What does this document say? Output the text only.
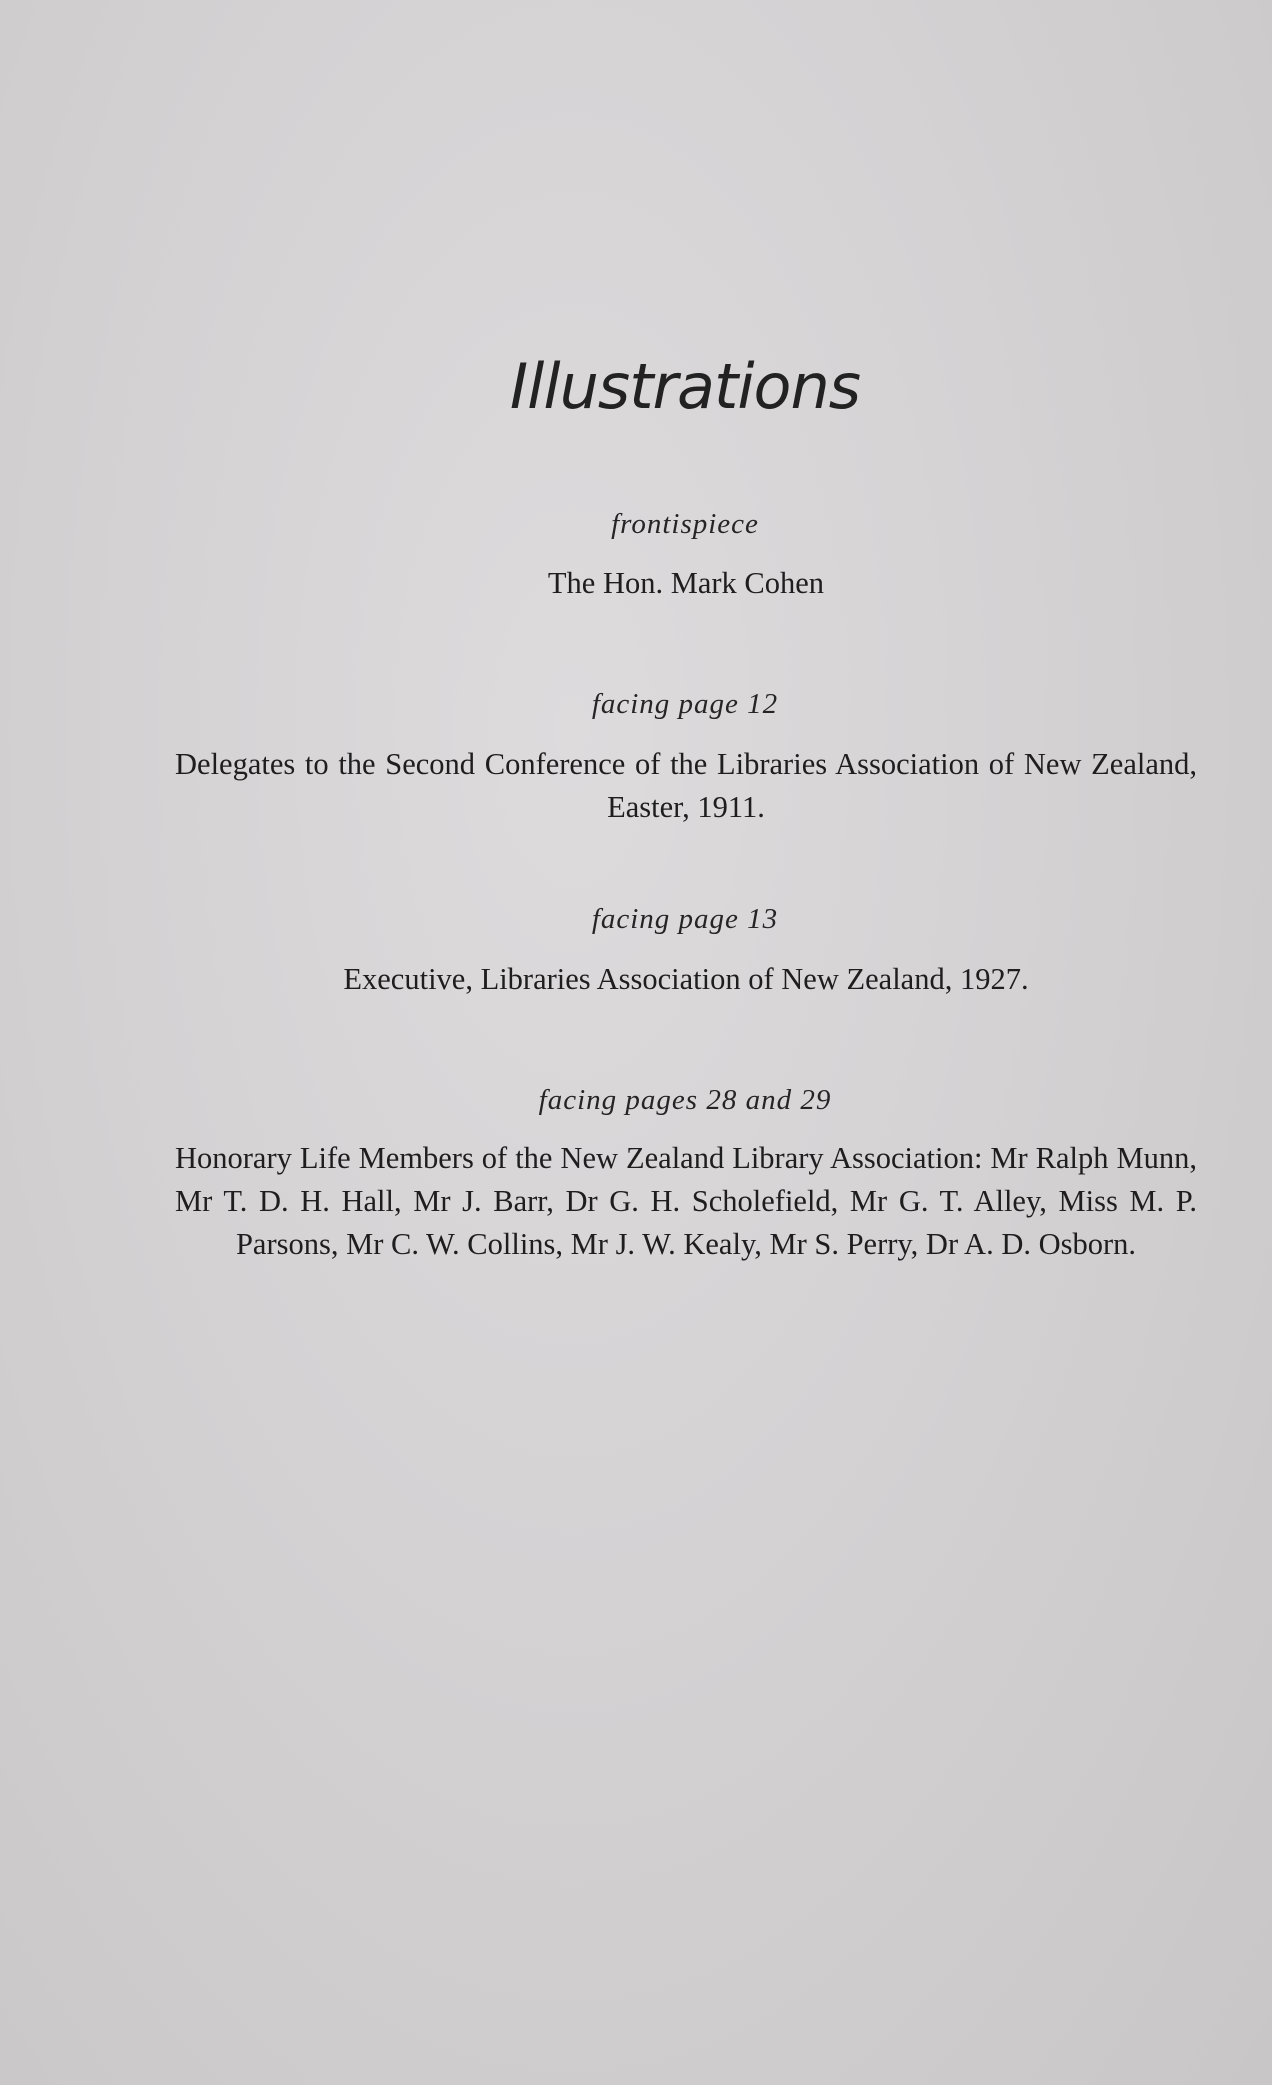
Illustrations
frontispiece
The Hon. Mark Cohen
facing page 12
Delegates to the Second Conference of the Libraries Association of New Zealand, Easter, 1911.
facing page 13
Executive, Libraries Association of New Zealand, 1927.
facing pages 28 and 29
Honorary Life Members of the New Zealand Library Association: Mr Ralph Munn, Mr T. D. H. Hall, Mr J. Barr, Dr G. H. Scholefield, Mr G. T. Alley, Miss M. P. Parsons, Mr C. W. Collins, Mr J. W. Kealy, Mr S. Perry, Dr A. D. Osborn.
